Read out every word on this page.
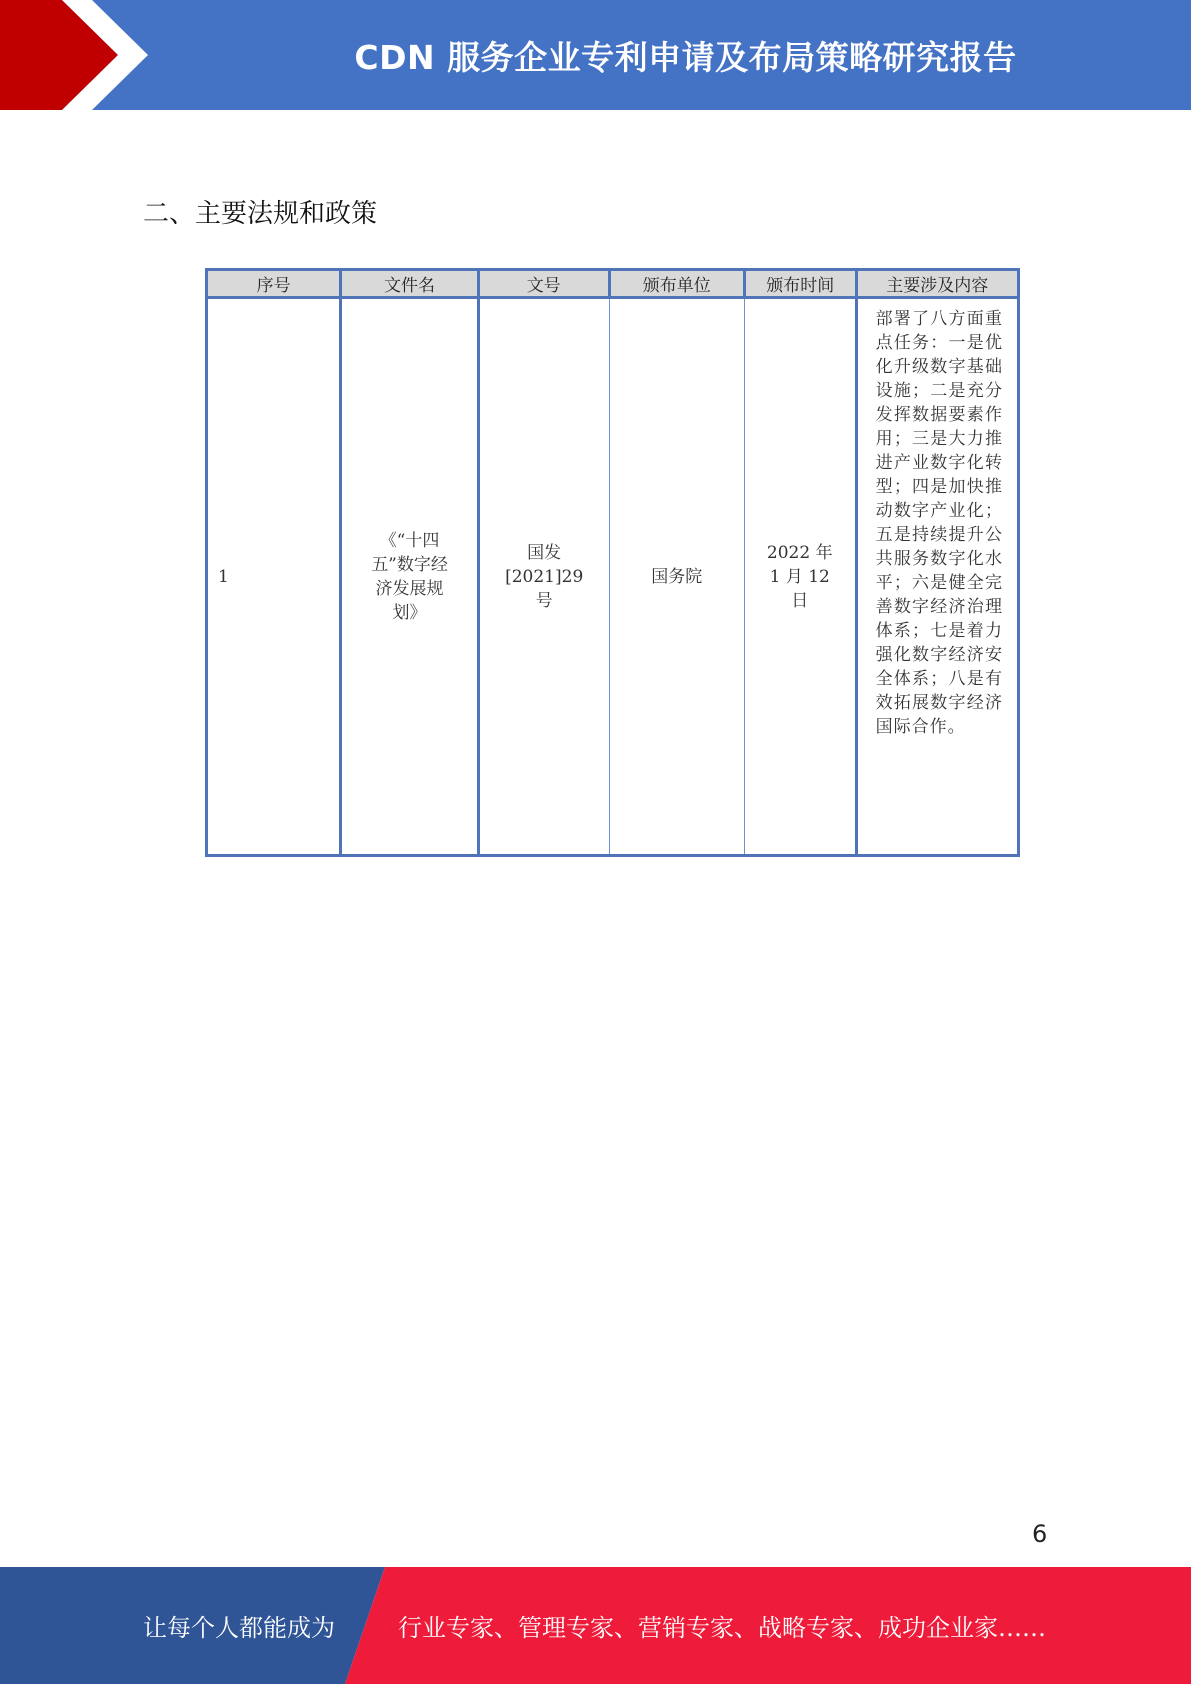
CDN 服务企业专利申请及布局策略研究报告
二、主要法规和政策
序号	文件名	文号	颁布单位	颁布时间	主要涉及内容
1	《“十四
五”数字经
济发展规
划》	国发
[2021]29
号	国务院	2022 年
1 月 12
日	部署了八方面重点任务：一是优化升级数字基础设施；二是充分发挥数据要素作用；三是大力推进产业数字化转型；四是加快推动数字产业化；五是持续提升公共服务数字化水平；六是健全完善数字经济治理体系；七是着力强化数字经济安全体系；八是有效拓展数字经济国际合作。
6
让每个人都能成为	行业专家、管理专家、营销专家、战略专家、成功企业家……
